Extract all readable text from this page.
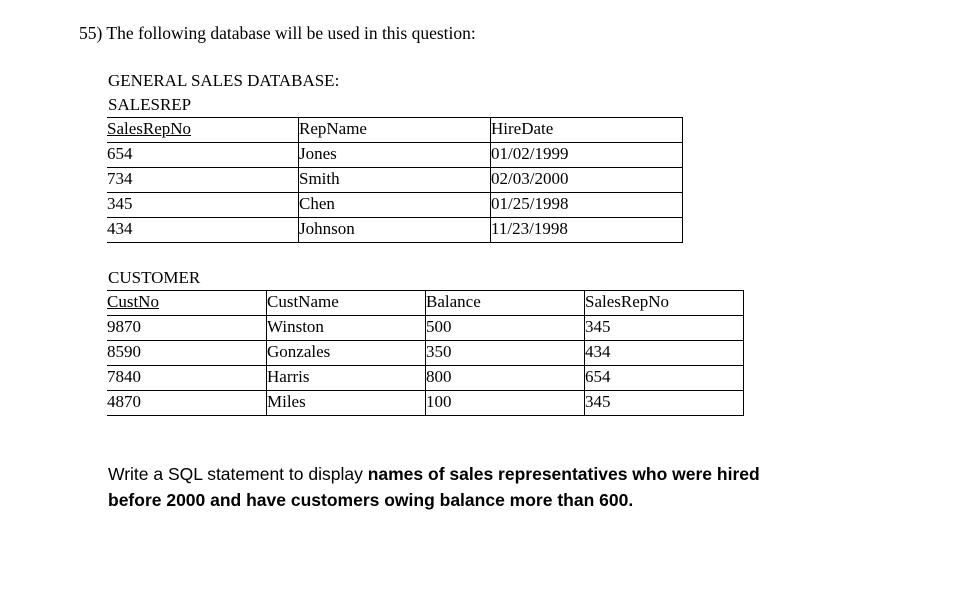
55) The following database will be used in this question:
GENERAL SALES DATABASE:
SALESREP
SalesRepNo	RepName	HireDate
654	Jones	01/02/1999
734	Smith	02/03/2000
345	Chen	01/25/1998
434	Johnson	11/23/1998
CUSTOMER
CustNo	CustName	Balance	SalesRepNo
9870	Winston	500	345
8590	Gonzales	350	434
7840	Harris	800	654
4870	Miles	100	345
Write a SQL statement to display names of sales representatives who were hired before 2000 and have customers owing balance more than 600.
